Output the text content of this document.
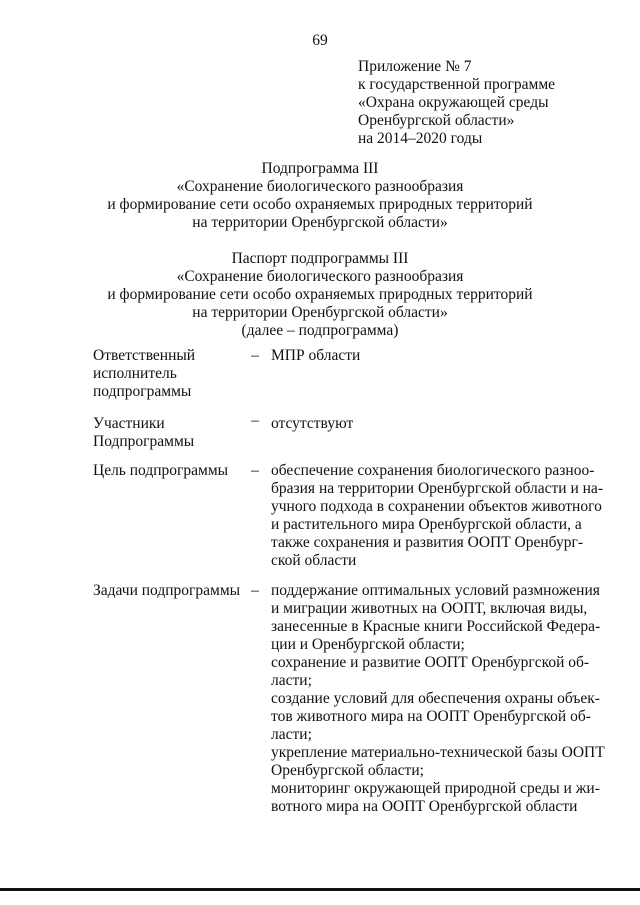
69
Приложение № 7
к государственной программе
«Охрана окружающей среды
Оренбургской области»
на 2014–2020 годы
Подпрограмма III
«Сохранение биологического разнообразия
и формирование сети особо охраняемых природных территорий
на территории Оренбургской области»
Паспорт подпрограммы III
«Сохранение биологического разнообразия
и формирование сети особо охраняемых природных территорий
на территории Оренбургской области»
(далее – подпрограмма)
Ответственный
исполнитель
подпрограммы
– МПР области
Участники
Подпрограммы
– отсутствуют
Цель подпрограммы	– обеспечение сохранения биологического разноо-
бразия на территории Оренбургской области и на-
учного подхода в сохранении объектов животного
и растительного мира Оренбургской области, а
также сохранения и развития ООПТ Оренбург-
ской области
Задачи подпрограммы – поддержание оптимальных условий размножения
и миграции животных на ООПТ, включая виды,
занесенные в Красные книги Российской Федера-
ции и Оренбургской области;
сохранение и развитие ООПТ Оренбургской об-
ласти;
создание условий для обеспечения охраны объек-
тов животного мира на ООПТ Оренбургской об-
ласти;
укрепление материально-технической базы ООПТ
Оренбургской области;
мониторинг окружающей природной среды и жи-
вотного мира на ООПТ Оренбургской области
